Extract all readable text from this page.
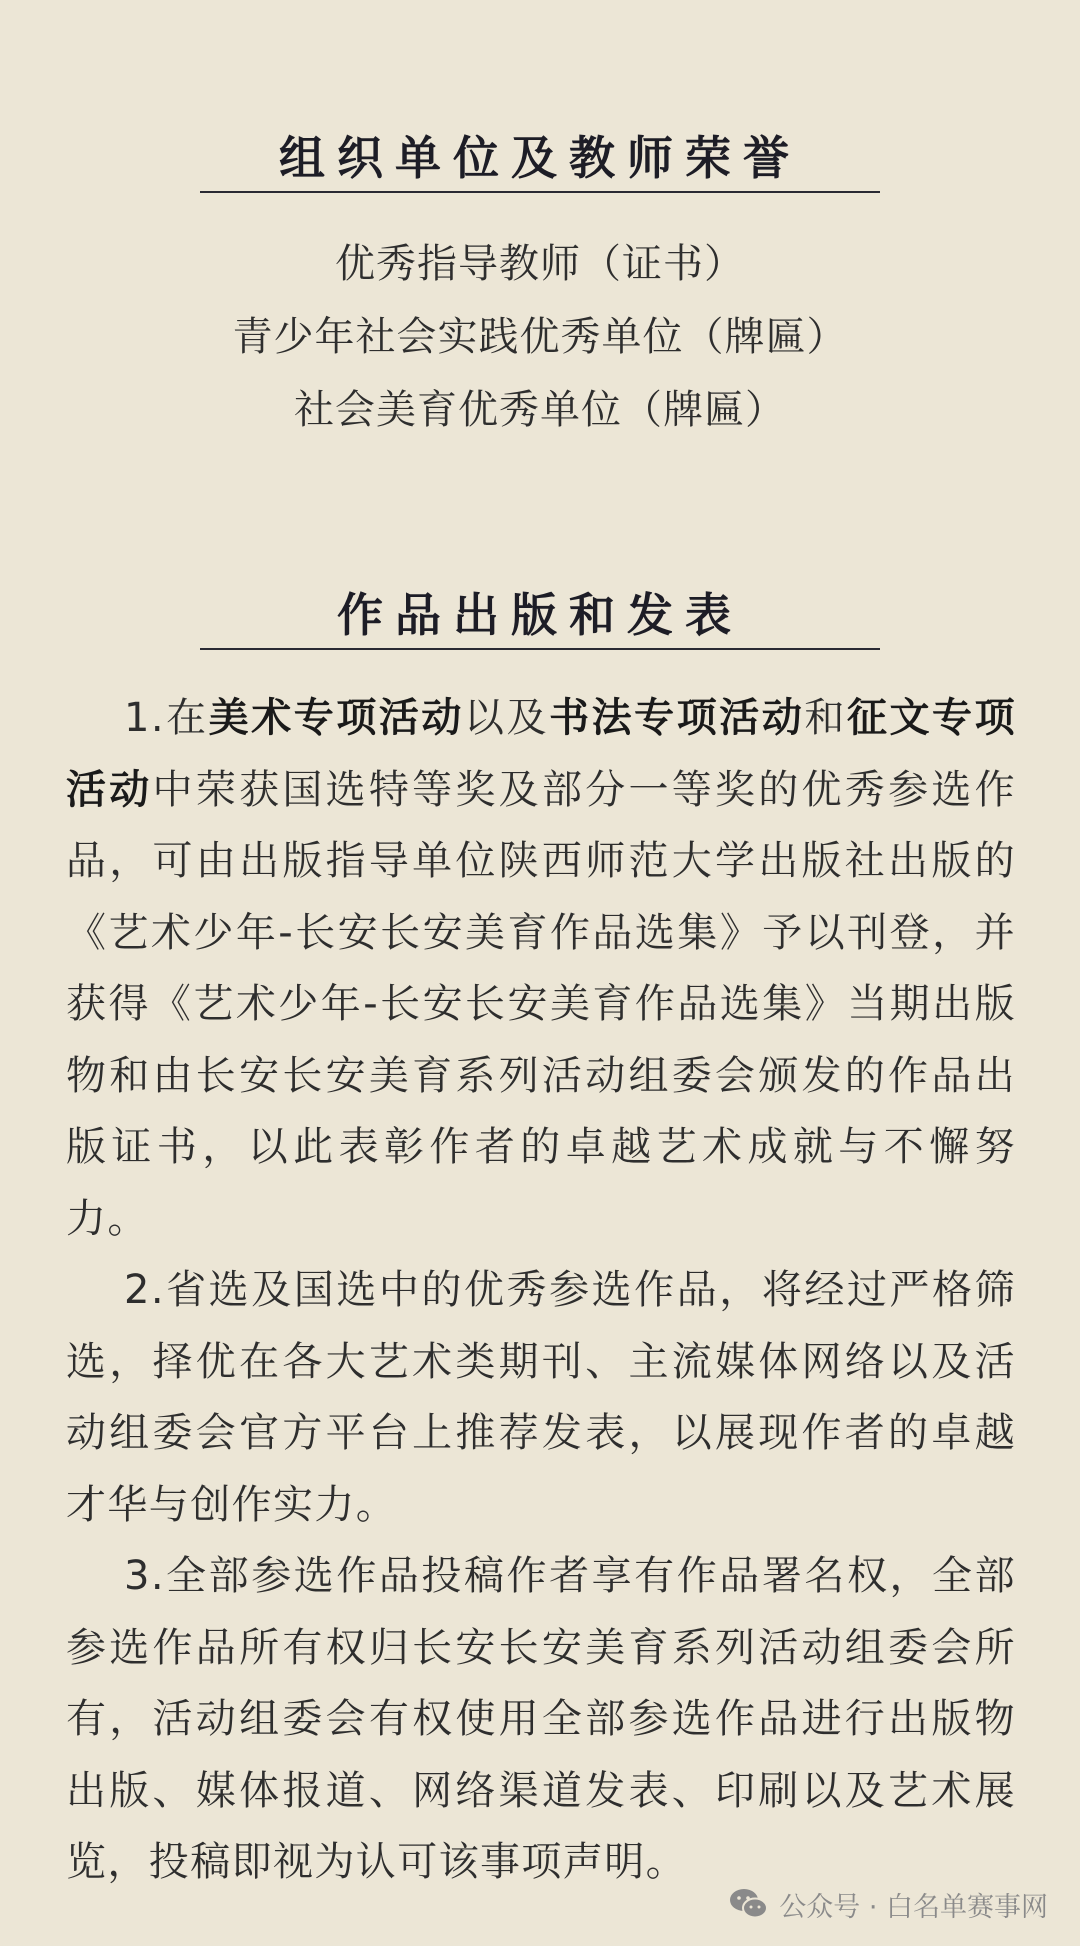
组织单位及教师荣誉
优秀指导教师（证书）
青少年社会实践优秀单位（牌匾）
社会美育优秀单位（牌匾）
作品出版和发表

1.在美术专项活动以及书法专项活动和征文专项活动中荣获国选特等奖及部分一等奖的优秀参选作品，可由出版指导单位陕西师范大学出版社出版的《艺术少年-长安长安美育作品选集》予以刊登，并获得《艺术少年-长安长安美育作品选集》当期出版物和由长安长安美育系列活动组委会颁发的作品出版证书，以此表彰作者的卓越艺术成就与不懈努力。

2.省选及国选中的优秀参选作品，将经过严格筛选，择优在各大艺术类期刊、主流媒体网络以及活动组委会官方平台上推荐发表，以展现作者的卓越才华与创作实力。

3.全部参选作品投稿作者享有作品署名权，全部参选作品所有权归长安长安美育系列活动组委会所有，活动组委会有权使用全部参选作品进行出版物出版、媒体报道、网络渠道发表、印刷以及艺术展览，投稿即视为认可该事项声明。

公众号 · 白名单赛事网
